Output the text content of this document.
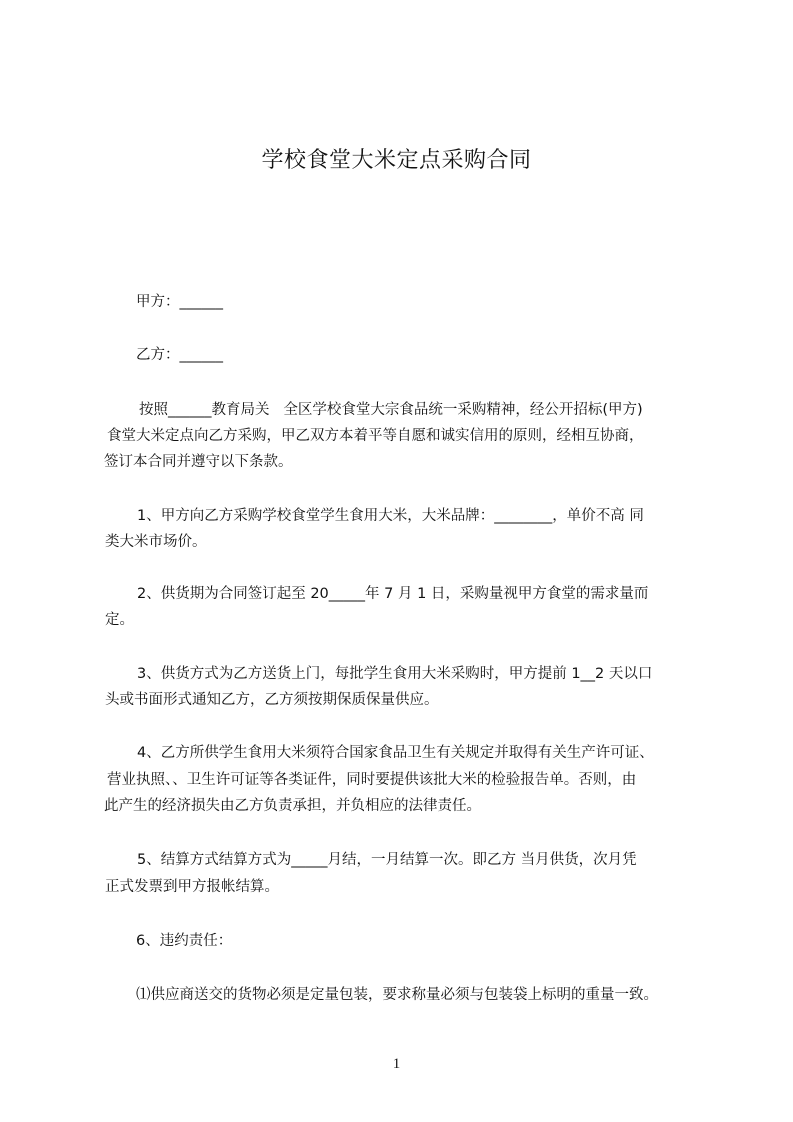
学校食堂大米定点采购合同
甲方：______
乙方：______
按照______教育局关   全区学校食堂大宗食品统一采购精神，经公开招标(甲方)
食堂大米定点向乙方采购，甲乙双方本着平等自愿和诚实信用的原则，经相互协商，
签订本合同并遵守以下条款。
1、甲方向乙方采购学校食堂学生食用大米，大米品牌：________，单价不高 同
类大米市场价。
2、供货期为合同签订起至 20_____年 7 月 1 日，采购量视甲方食堂的需求量而
定。
3、供货方式为乙方送货上门，每批学生食用大米采购时，甲方提前 1__2 天以口
头或书面形式通知乙方，乙方须按期保质保量供应。
4、乙方所供学生食用大米须符合国家食品卫生有关规定并取得有关生产许可证、
营业执照、、卫生许可证等各类证件，同时要提供该批大米的检验报告单。否则，由
此产生的经济损失由乙方负责承担，并负相应的法律责任。
5、结算方式结算方式为_____月结，一月结算一次。即乙方 当月供货，次月凭
正式发票到甲方报帐结算。
6、违约责任：
⑴供应商送交的货物必须是定量包装，要求称量必须与包装袋上标明的重量一致。
1
